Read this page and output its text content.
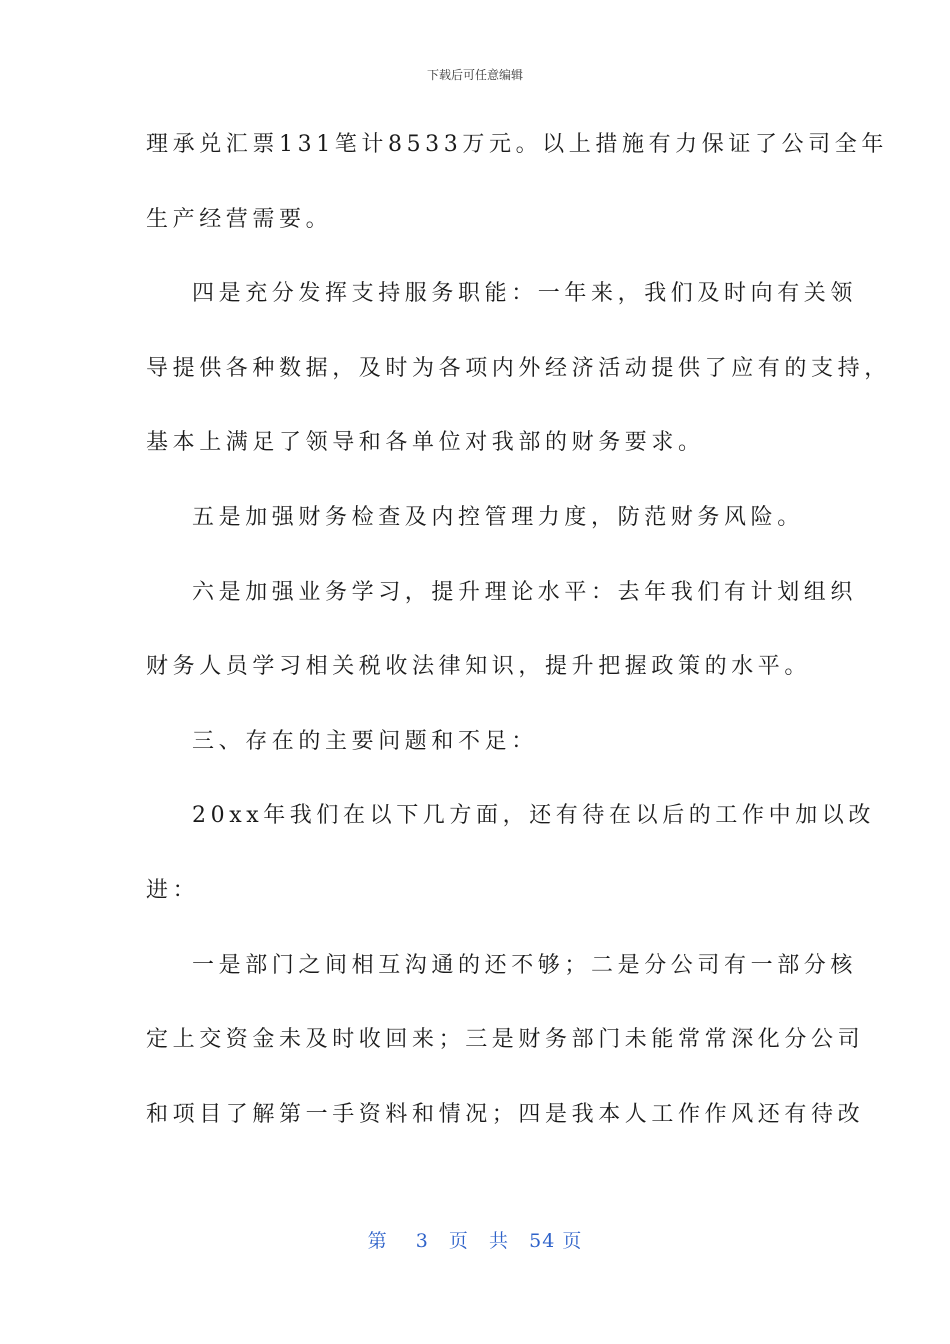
下载后可任意编辑
理承兑汇票131笔计8533万元。以上措施有力保证了公司全年
生产经营需要。
四是充分发挥支持服务职能：一年来，我们及时向有关领
导提供各种数据，及时为各项内外经济活动提供了应有的支持，
基本上满足了领导和各单位对我部的财务要求。
五是加强财务检查及内控管理力度，防范财务风险。
六是加强业务学习，提升理论水平：去年我们有计划组织
财务人员学习相关税收法律知识，提升把握政策的水平。
三、存在的主要问题和不足：
20xx年我们在以下几方面，还有待在以后的工作中加以改
进：
一是部门之间相互沟通的还不够；二是分公司有一部分核
定上交资金未及时收回来；三是财务部门未能常常深化分公司
和项目了解第一手资料和情况；四是我本人工作作风还有待改
第 3 页 共 54 页
